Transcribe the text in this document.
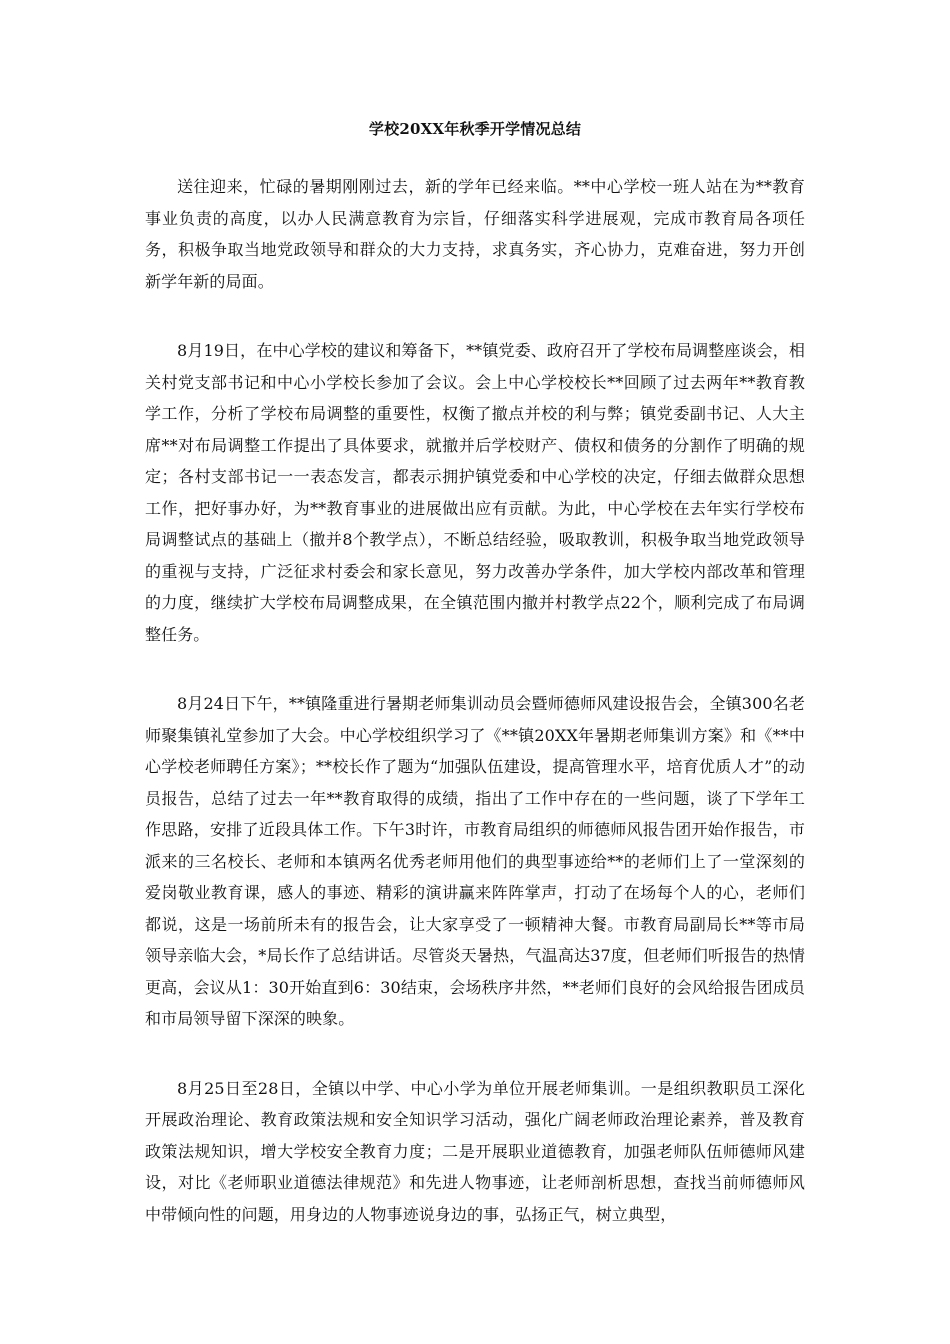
学校20XX年秋季开学情况总结

送往迎来，忙碌的暑期刚刚过去，新的学年已经来临。**中心学校一班人站在为**教育事业负责的高度，以办人民满意教育为宗旨，仔细落实科学进展观，完成市教育局各项任务，积极争取当地党政领导和群众的大力支持，求真务实，齐心协力，克难奋进，努力开创新学年新的局面。

8月19日，在中心学校的建议和筹备下，**镇党委、政府召开了学校布局调整座谈会，相关村党支部书记和中心小学校长参加了会议。会上中心学校校长**回顾了过去两年**教育教学工作，分析了学校布局调整的重要性，权衡了撤点并校的利与弊；镇党委副书记、人大主席**对布局调整工作提出了具体要求，就撤并后学校财产、债权和债务的分割作了明确的规定；各村支部书记一一表态发言，都表示拥护镇党委和中心学校的决定，仔细去做群众思想工作，把好事办好，为**教育事业的进展做出应有贡献。为此，中心学校在去年实行学校布局调整试点的基础上（撤并8个教学点），不断总结经验，吸取教训，积极争取当地党政领导的重视与支持，广泛征求村委会和家长意见，努力改善办学条件，加大学校内部改革和管理的力度，继续扩大学校布局调整成果，在全镇范围内撤并村教学点22个，顺利完成了布局调整任务。

8月24日下午，**镇隆重进行暑期老师集训动员会暨师德师风建设报告会，全镇300名老师聚集镇礼堂参加了大会。中心学校组织学习了《**镇20XX年暑期老师集训方案》和《**中心学校老师聘任方案》；**校长作了题为“加强队伍建设，提高管理水平，培育优质人才”的动员报告，总结了过去一年**教育取得的成绩，指出了工作中存在的一些问题，谈了下学年工作思路，安排了近段具体工作。下午3时许，市教育局组织的师德师风报告团开始作报告，市派来的三名校长、老师和本镇两名优秀老师用他们的典型事迹给**的老师们上了一堂深刻的爱岗敬业教育课，感人的事迹、精彩的演讲赢来阵阵掌声，打动了在场每个人的心，老师们都说，这是一场前所未有的报告会，让大家享受了一顿精神大餐。市教育局副局长**等市局领导亲临大会，*局长作了总结讲话。尽管炎天暑热，气温高达37度，但老师们听报告的热情更高，会议从1：30开始直到6：30结束，会场秩序井然，**老师们良好的会风给报告团成员和市局领导留下深深的映象。

8月25日至28日，全镇以中学、中心小学为单位开展老师集训。一是组织教职员工深化开展政治理论、教育政策法规和安全知识学习活动，强化广阔老师政治理论素养，普及教育政策法规知识，增大学校安全教育力度；二是开展职业道德教育，加强老师队伍师德师风建设，对比《老师职业道德法律规范》和先进人物事迹，让老师剖析思想，查找当前师德师风中带倾向性的问题，用身边的人物事迹说身边的事，弘扬正气，树立典型，
